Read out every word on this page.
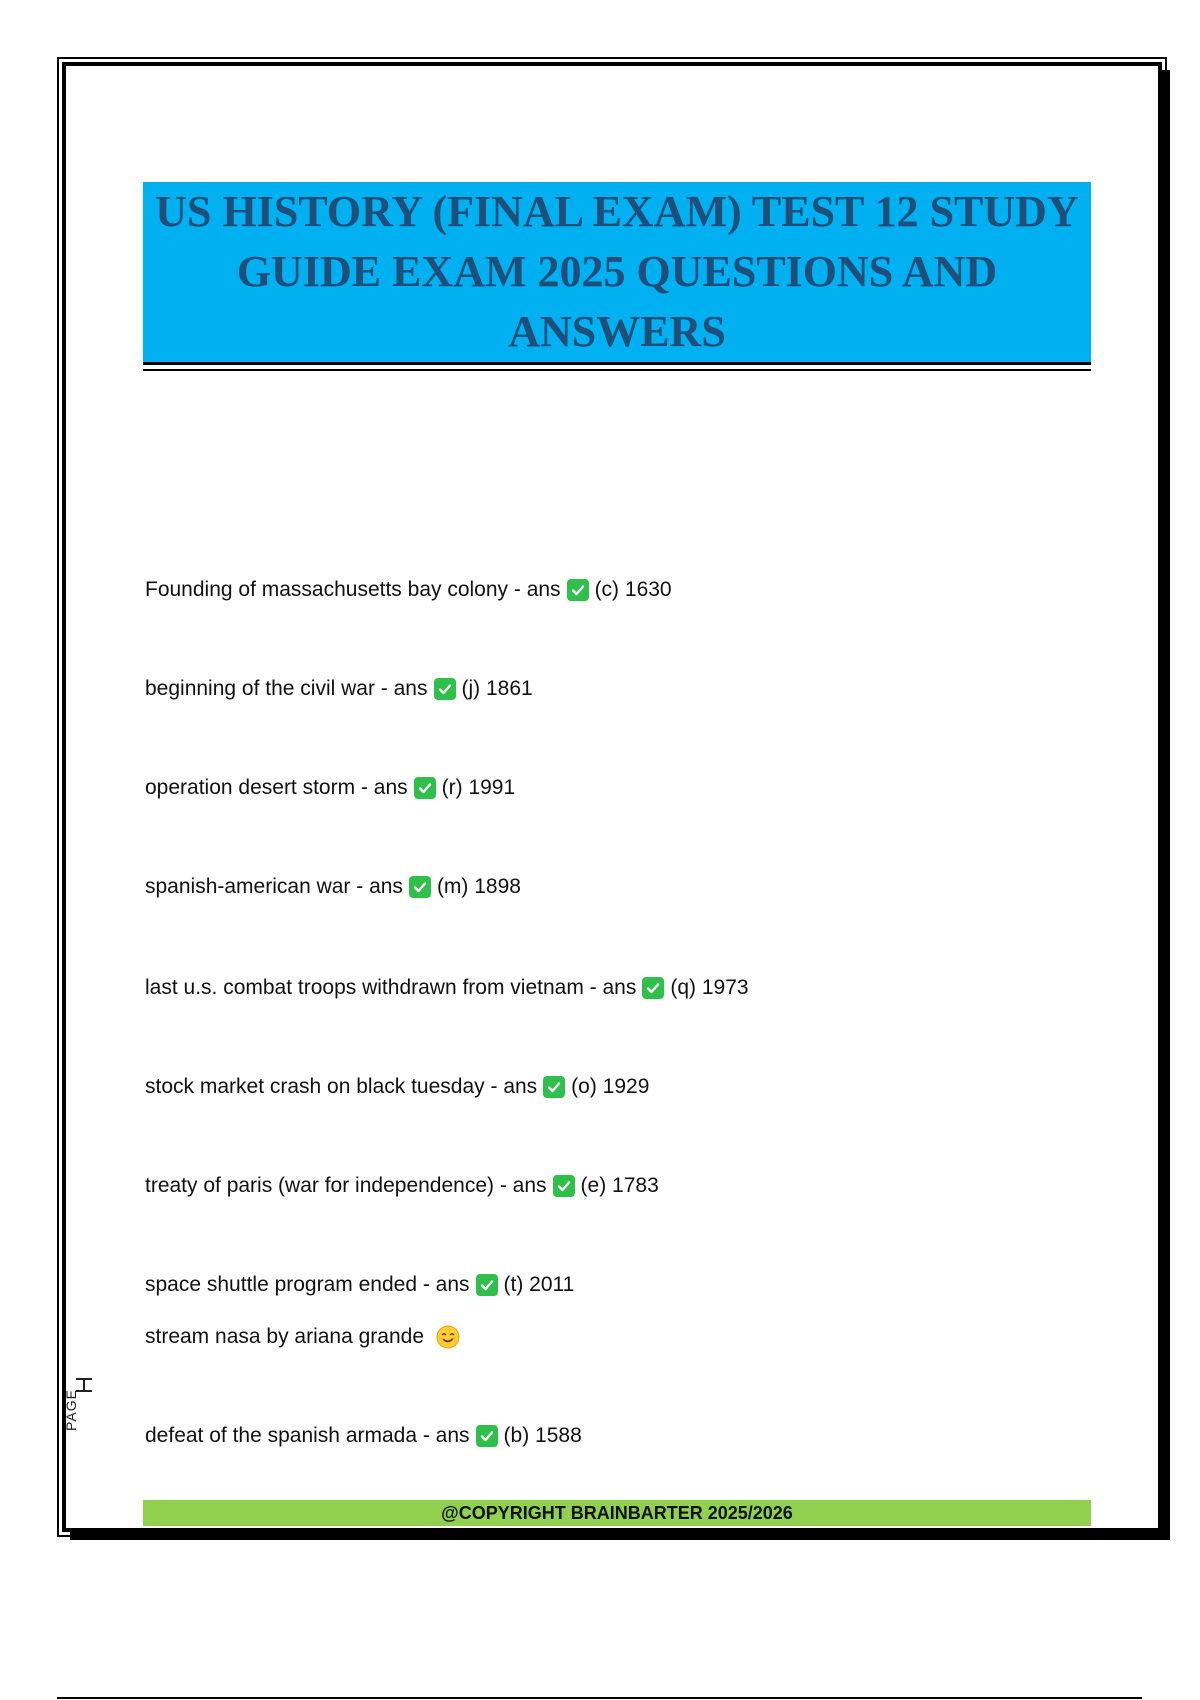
US HISTORY (FINAL EXAM) TEST 12 STUDY GUIDE EXAM 2025 QUESTIONS AND ANSWERS
Founding of massachusetts bay colony - ans (c) 1630
beginning of the civil war - ans (j) 1861
operation desert storm - ans (r) 1991
spanish-american war - ans (m) 1898
last u.s. combat troops withdrawn from vietnam - ans (q) 1973
stock market crash on black tuesday - ans (o) 1929
treaty of paris (war for independence) - ans (e) 1783
space shuttle program ended - ans (t) 2011
defeat of the spanish armada - ans (b) 1588
stream nasa by ariana grande
PAGE
@COPYRIGHT BRAINBARTER 2025/2026
